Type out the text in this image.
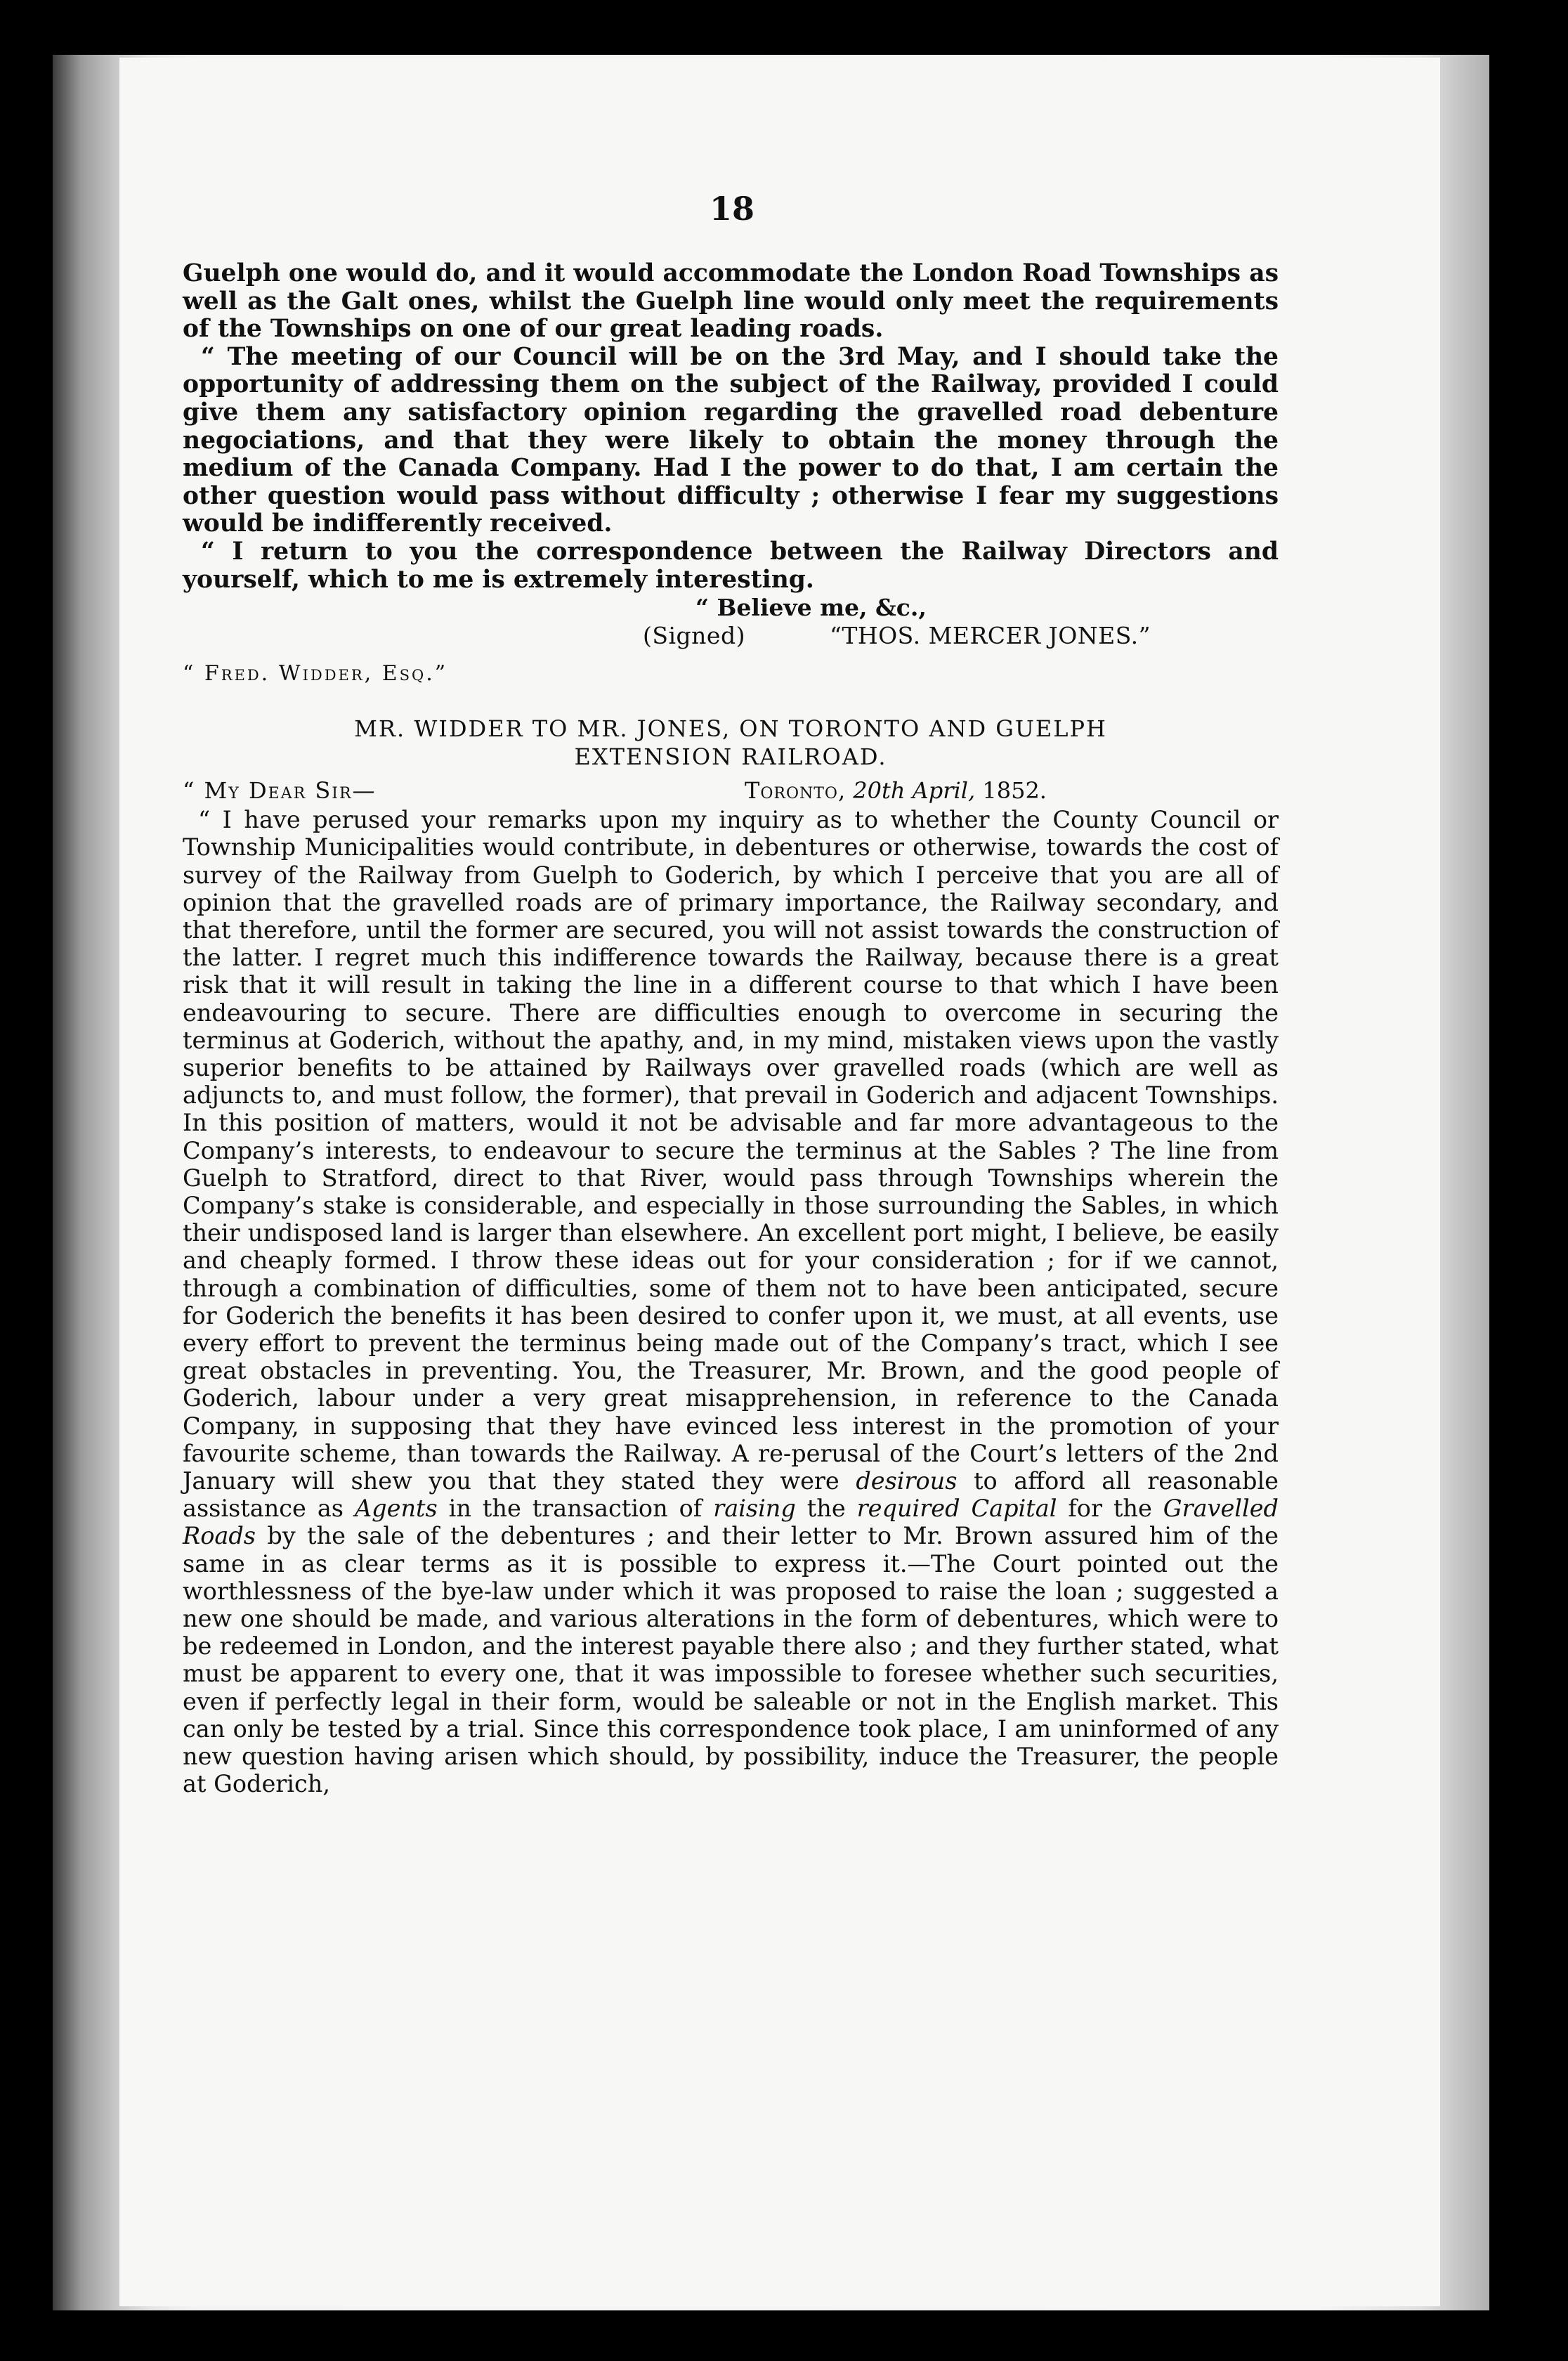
18

Guelph one would do, and it would accommodate the London Road Townships as well as the Galt ones, whilst the Guelph line would only meet the requirements of the Townships on one of our great leading roads.

“ The meeting of our Council will be on the 3rd May, and I should take the opportunity of addressing them on the subject of the Railway, provided I could give them any satisfactory opinion regarding the gravelled road debenture negociations, and that they were likely to obtain the money through the medium of the Canada Company. Had I the power to do that, I am certain the other question would pass without difficulty ; otherwise I fear my suggestions would be indifferently received.

“ I return to you the correspondence between the Railway Directors and yourself, which to me is extremely interesting.

“ Believe me, &c.,

(Signed)	“THOS. MERCER JONES.”

“ Fred. Widder, Esq.”

MR. WIDDER TO MR. JONES, ON TORONTO AND GUELPH
EXTENSION RAILROAD.

“ My Dear Sir—	Toronto, 20th April, 1852.

“ I have perused your remarks upon my inquiry as to whether the County Council or Township Municipalities would contribute, in debentures or otherwise, towards the cost of survey of the Railway from Guelph to Goderich, by which I perceive that you are all of opinion that the gravelled roads are of primary importance, the Railway secondary, and that therefore, until the former are secured, you will not assist towards the construction of the latter. I regret much this indifference towards the Railway, because there is a great risk that it will result in taking the line in a different course to that which I have been endeavouring to secure. There are difficulties enough to overcome in securing the terminus at Goderich, without the apathy, and, in my mind, mistaken views upon the vastly superior benefits to be attained by Railways over gravelled roads (which are well as adjuncts to, and must follow, the former), that prevail in Goderich and adjacent Townships. In this position of matters, would it not be advisable and far more advantageous to the Company’s interests, to endeavour to secure the terminus at the Sables ? The line from Guelph to Stratford, direct to that River, would pass through Townships wherein the Company’s stake is considerable, and especially in those surrounding the Sables, in which their undisposed land is larger than elsewhere. An excellent port might, I believe, be easily and cheaply formed. I throw these ideas out for your consideration ; for if we cannot, through a combination of difficulties, some of them not to have been anticipated, secure for Goderich the benefits it has been desired to confer upon it, we must, at all events, use every effort to prevent the terminus being made out of the Company’s tract, which I see great obstacles in preventing. You, the Treasurer, Mr. Brown, and the good people of Goderich, labour under a very great misapprehension, in reference to the Canada Company, in supposing that they have evinced less interest in the promotion of your favourite scheme, than towards the Railway. A re-perusal of the Court’s letters of the 2nd January will shew you that they stated they were desirous to afford all reasonable assistance as Agents in the transaction of raising the required Capital for the Gravelled Roads by the sale of the debentures ; and their letter to Mr. Brown assured him of the same in as clear terms as it is possible to express it.—The Court pointed out the worthlessness of the bye-law under which it was proposed to raise the loan ; suggested a new one should be made, and various alterations in the form of debentures, which were to be redeemed in London, and the interest payable there also ; and they further stated, what must be apparent to every one, that it was impossible to foresee whether such securities, even if perfectly legal in their form, would be saleable or not in the English market. This can only be tested by a trial. Since this correspondence took place, I am uninformed of any new question having arisen which should, by possibility, induce the Treasurer, the people at Goderich,
